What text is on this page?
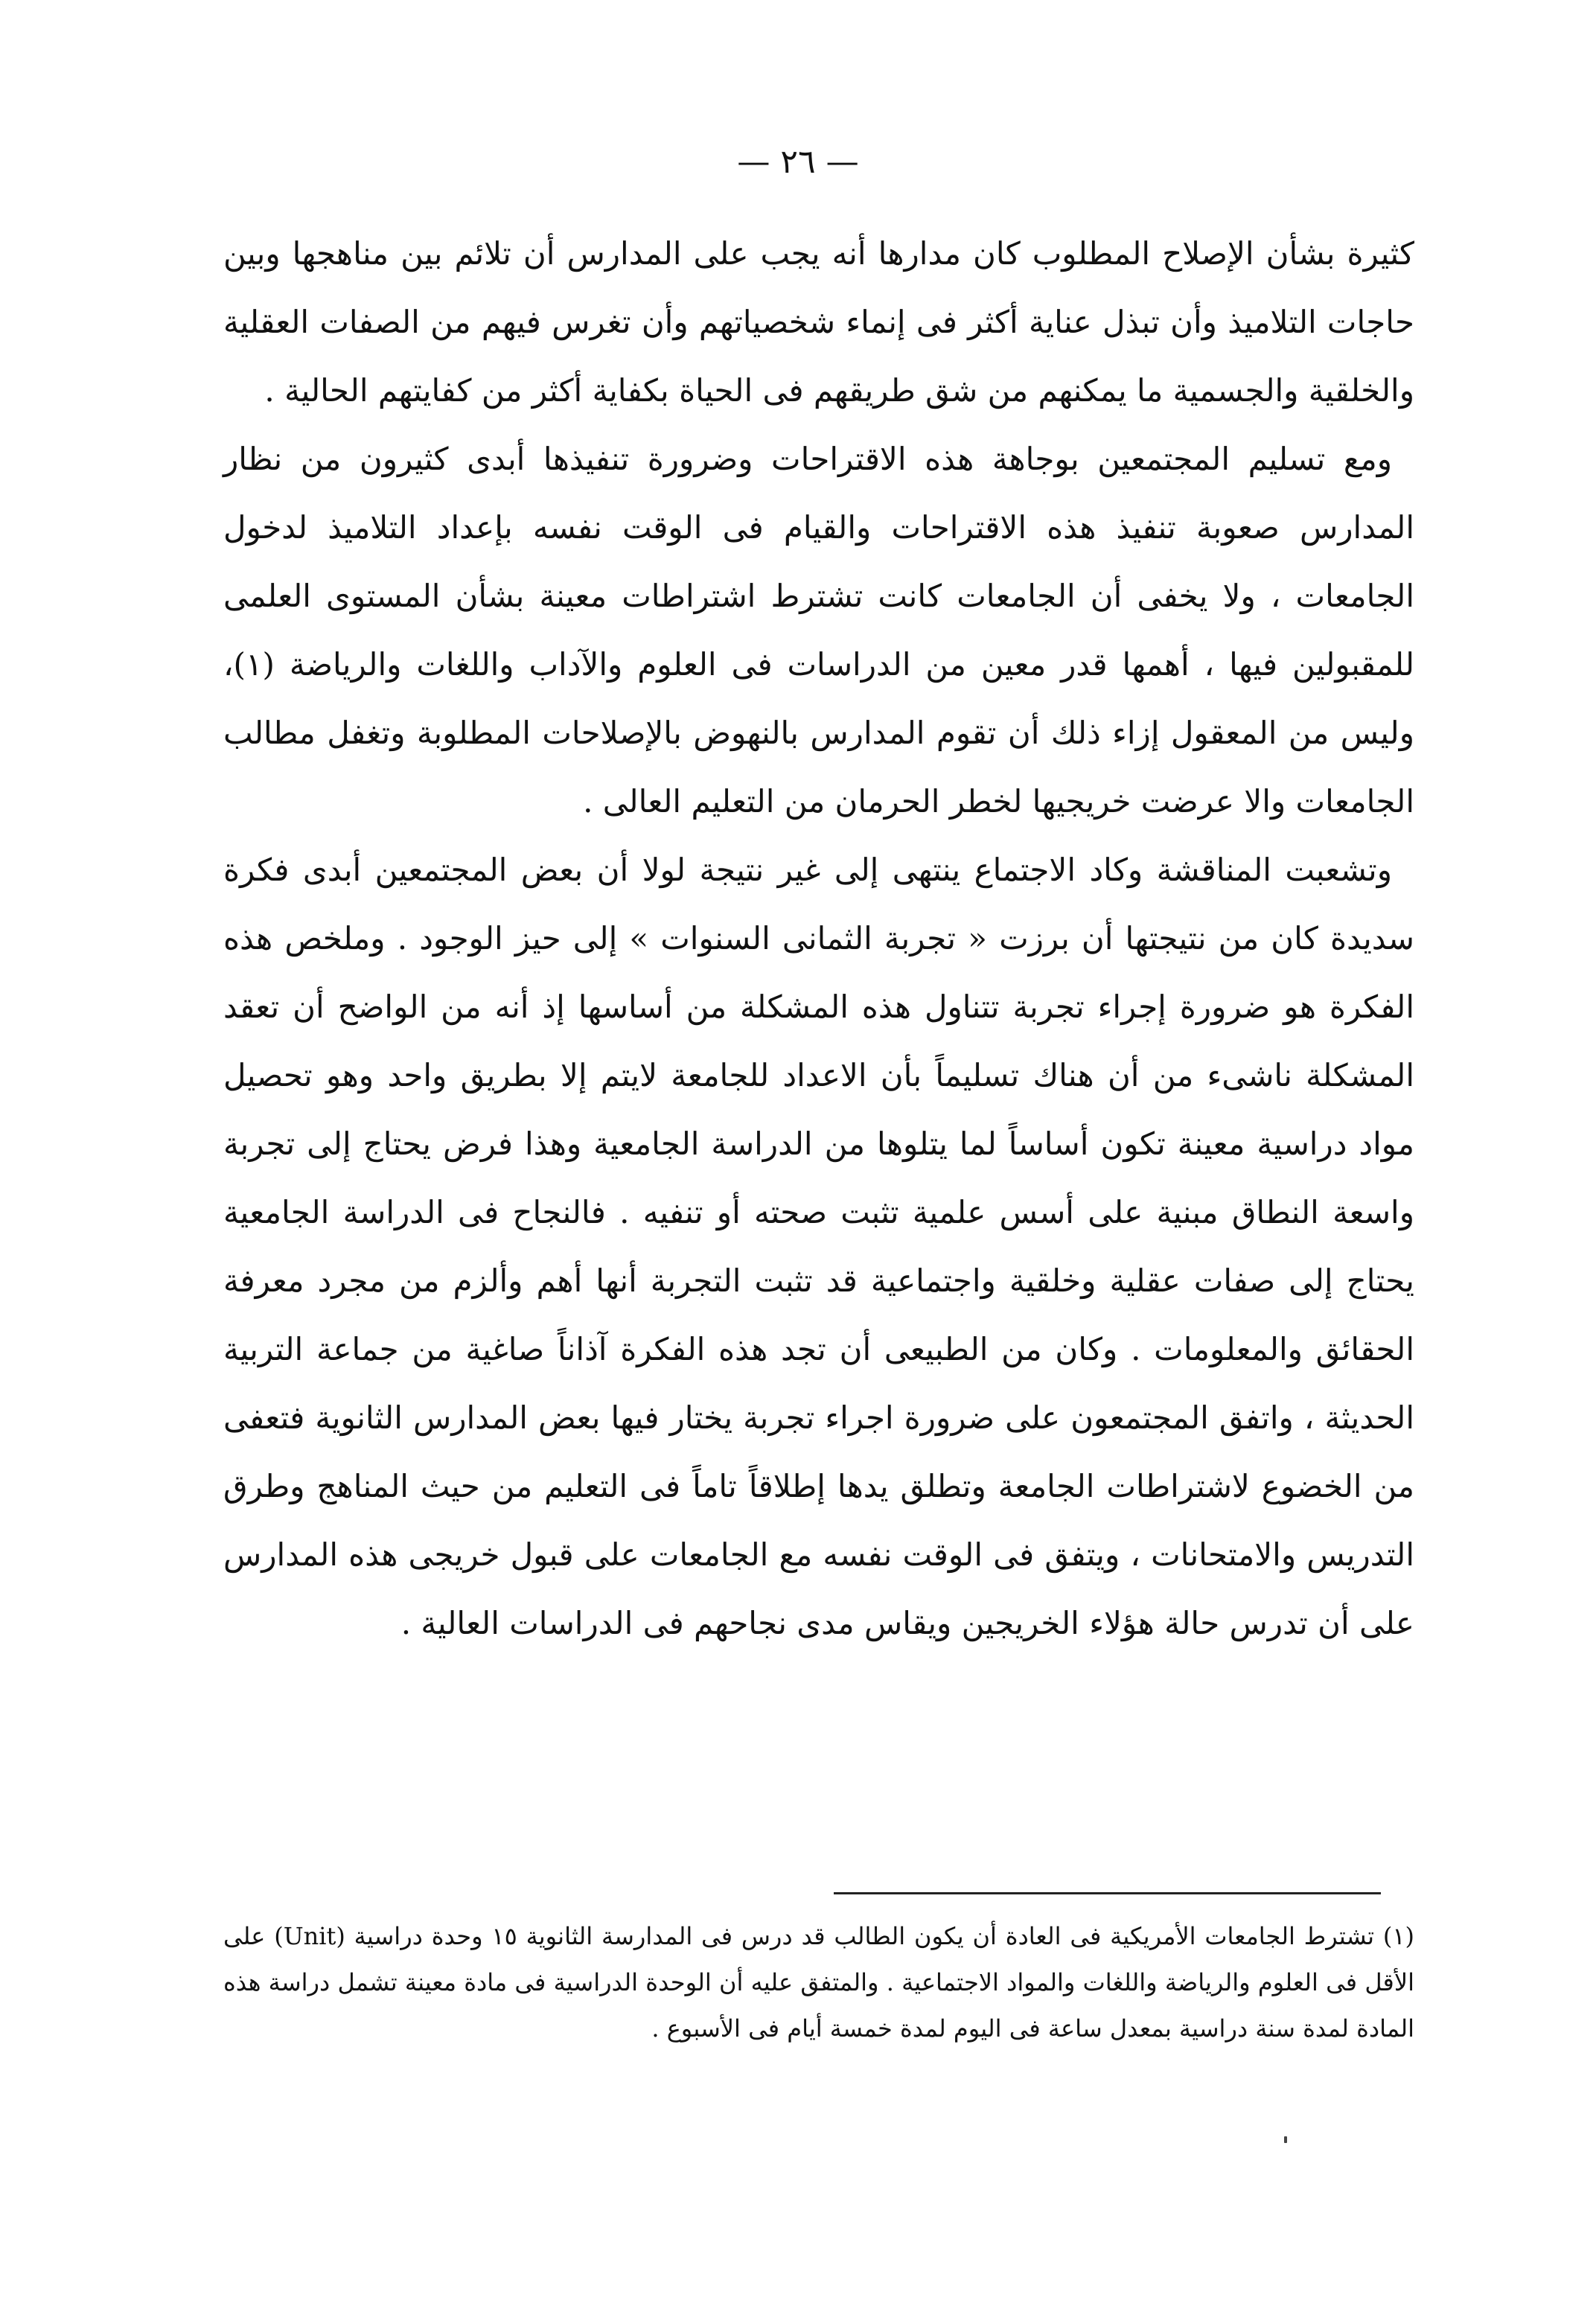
— ٢٦ —

كثيرة بشأن الإصلاح المطلوب كان مدارها أنه يجب على المدارس أن تلائم بين مناهجها وبين حاجات التلاميذ وأن تبذل عناية أكثر فى إنماء شخصياتهم وأن تغرس فيهم من الصفات العقلية والخلقية والجسمية ما يمكنهم من شق طريقهم فى الحياة بكفاية أكثر من كفايتهم الحالية .

ومع تسليم المجتمعين بوجاهة هذه الاقتراحات وضرورة تنفيذها أبدى كثيرون من نظار المدارس صعوبة تنفيذ هذه الاقتراحات والقيام فى الوقت نفسه بإعداد التلاميذ لدخول الجامعات ، ولا يخفى أن الجامعات كانت تشترط اشتراطات معينة بشأن المستوى العلمى للمقبولين فيها ، أهمها قدر معين من الدراسات فى العلوم والآداب واللغات والرياضة (١)، وليس من المعقول إزاء ذلك أن تقوم المدارس بالنهوض بالإصلاحات المطلوبة وتغفل مطالب الجامعات والا عرضت خريجيها لخطر الحرمان من التعليم العالى .

وتشعبت المناقشة وكاد الاجتماع ينتهى إلى غير نتيجة لولا أن بعض المجتمعين أبدى فكرة سديدة كان من نتيجتها أن برزت « تجربة الثمانى السنوات » إلى حيز الوجود . وملخص هذه الفكرة هو ضرورة إجراء تجربة تتناول هذه المشكلة من أساسها إذ أنه من الواضح أن تعقد المشكلة ناشىء من أن هناك تسليماً بأن الاعداد للجامعة لايتم إلا بطريق واحد وهو تحصيل مواد دراسية معينة تكون أساساً لما يتلوها من الدراسة الجامعية وهذا فرض يحتاج إلى تجربة واسعة النطاق مبنية على أسس علمية تثبت صحته أو تنفيه . فالنجاح فى الدراسة الجامعية يحتاج إلى صفات عقلية وخلقية واجتماعية قد تثبت التجربة أنها أهم وألزم من مجرد معرفة الحقائق والمعلومات . وكان من الطبيعى أن تجد هذه الفكرة آذاناً صاغية من جماعة التربية الحديثة ، واتفق المجتمعون على ضرورة اجراء تجربة يختار فيها بعض المدارس الثانوية فتعفى من الخضوع لاشتراطات الجامعة وتطلق يدها إطلاقاً تاماً فى التعليم من حيث المناهج وطرق التدريس والامتحانات ، ويتفق فى الوقت نفسه مع الجامعات على قبول خريجى هذه المدارس على أن تدرس حالة هؤلاء الخريجين ويقاس مدى نجاحهم فى الدراسات العالية .

(١) تشترط الجامعات الأمريكية فى العادة أن يكون الطالب قد درس فى المدارسة الثانوية ١٥ وحدة دراسية (Unit) على الأقل فى العلوم والرياضة واللغات والمواد الاجتماعية . والمتفق عليه أن الوحدة الدراسية فى مادة معينة تشمل دراسة هذه المادة لمدة سنة دراسية بمعدل ساعة فى اليوم لمدة خمسة أيام فى الأسبوع .
